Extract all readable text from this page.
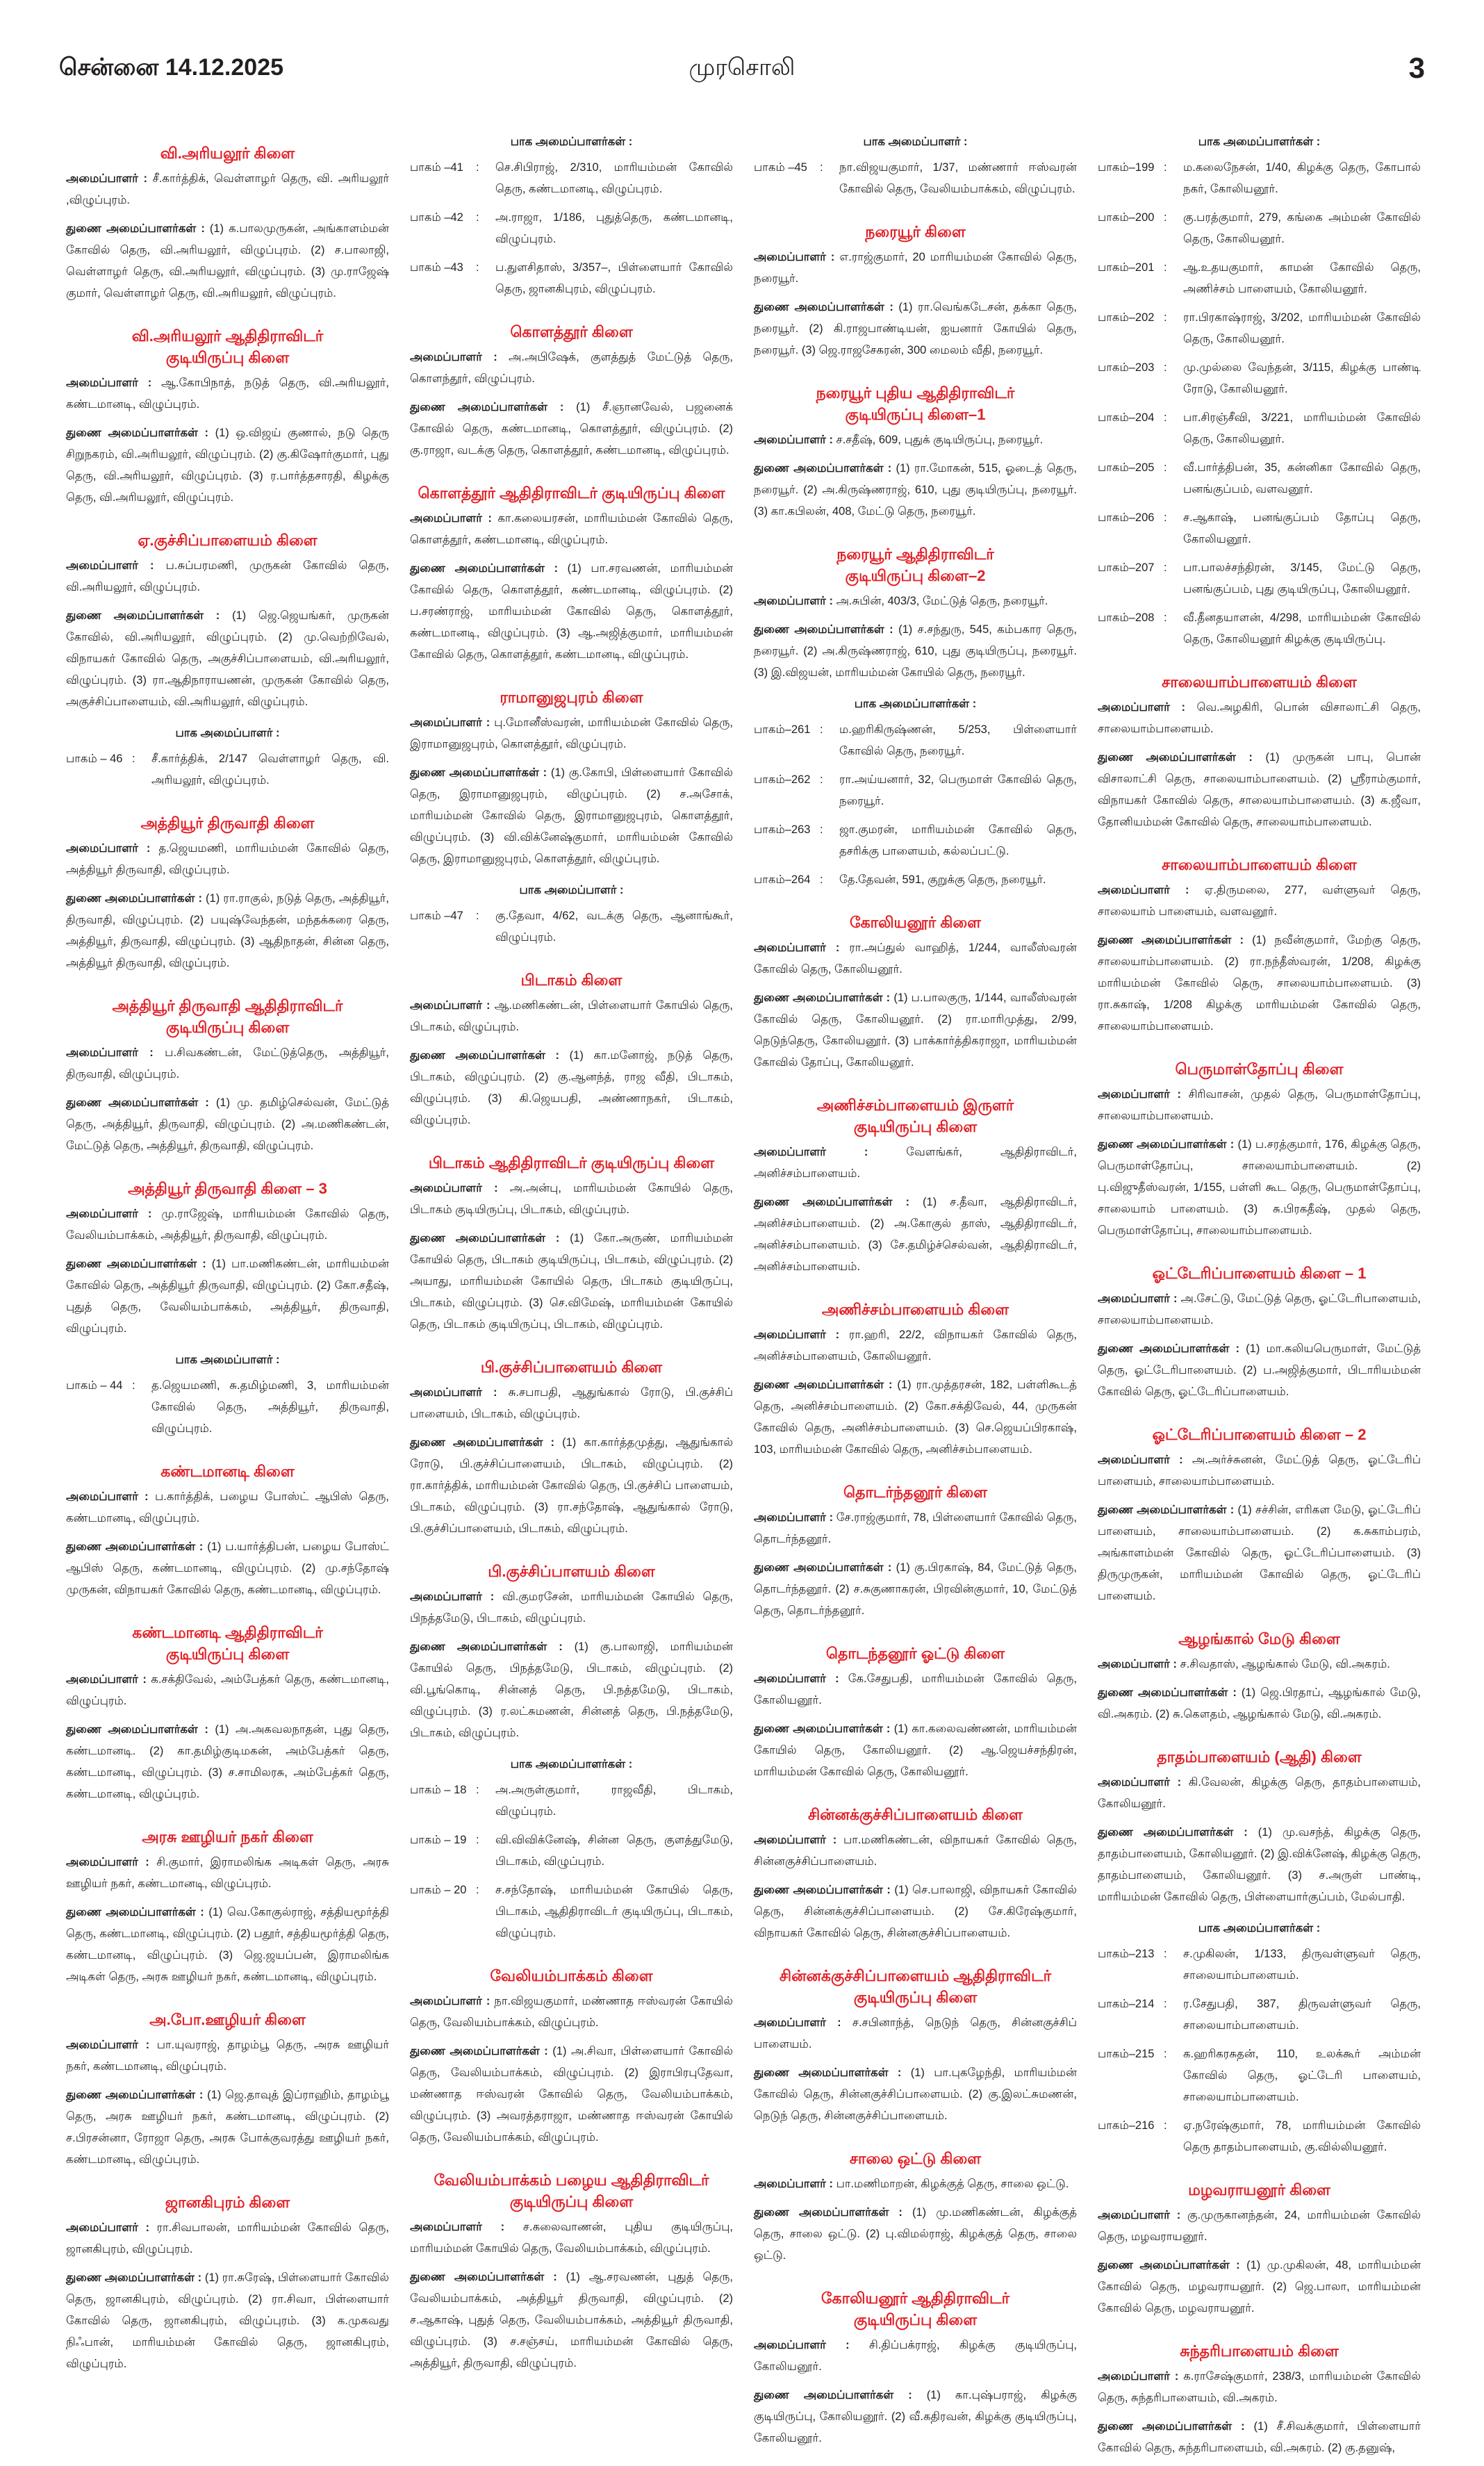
சென்னை 14.12.2025	முரசொலி	3
வி.அரியலூர் கிளை

அமைப்பாளர் : சீ.கார்த்திக், வெள்ளாழர் தெரு, வி. அரியலூர் ,விழுப்புரம்.

துணை அமைப்பாளர்கள் : (1) க.பாலமுருகன், அங்காளம்மன் கோவில் தெரு, வி.அரியலூர், விழுப்புரம். (2) ச.பாலாஜி, வெள்ளாழர் தெரு, வி.அரியலூர், விழுப்புரம். (3) மு.ராஜேஷ் குமார், வெள்ளாழர் தெரு, வி.அரியலூர், விழுப்புரம்.

வி.அரியலூர் ஆதிதிராவிடர்
குடியிருப்பு கிளை

அமைப்பாளர் : ஆ.கோபிநாத், நடுத் தெரு, வி.அரியலூர், கண்டமானடி, விழுப்புரம்.

துணை அமைப்பாளர்கள் : (1) ஒ.விஜய் குணால், நடு தெரு சிறுநகரம், வி.அரியலூர், விழுப்புரம். (2) கு.கிஷோர்குமார், புது தெரு, வி.அரியலூர், விழுப்புரம். (3) ர.பார்த்தசாரதி, கிழக்கு தெரு, வி.அரியலூர், விழுப்புரம்.

ஏ.குச்சிப்பாளையம் கிளை

அமைப்பாளர் : ப.சுப்பரமணி, முருகன் கோவில் தெரு, வி.அரியலூர், விழுப்புரம்.

துணை அமைப்பாளர்கள் : (1) ஜெ.ஜெயங்கர், முருகன் கோவில், வி.அரியலூர், விழுப்புரம். (2) மு.வெற்றிவேல், விநாயகர் கோவில் தெரு, அகுச்சிப்பாளையம், வி.அரியலூர், விழுப்புரம். (3) ரா.ஆதிநாராயணன், முருகன் கோவில் தெரு, அகுச்சிப்பாளையம், வி.அரியலூர், விழுப்புரம்.

பாக அமைப்பாளர் :
பாகம் – 46 :	சீ.கார்த்திக், 2/147 வெள்ளாழர் தெரு, வி. அரியலூர், விழுப்புரம்.
அத்தியூர் திருவாதி கிளை

அமைப்பாளர் : த.ஜெயமணி, மாரியம்மன் கோவில் தெரு, அத்தியூர் திருவாதி, விழுப்புரம்.

துணை அமைப்பாளர்கள் : (1) ரா.ராகுல், நடுத் தெரு, அத்தியூர், திருவாதி, விழுப்புரம். (2) பயுஷ்வேந்தன், மந்தக்கரை தெரு, அத்தியூர், திருவாதி, விழுப்புரம். (3) ஆதிநாதன், சின்ன தெரு, அத்தியூர் திருவாதி, விழுப்புரம்.

அத்தியூர் திருவாதி ஆதிதிராவிடர்
குடியிருப்பு கிளை

அமைப்பாளர் : ப.சிவகண்டன், மேட்டுத்தெரு, அத்தியூர், திருவாதி, விழுப்புரம்.

துணை அமைப்பாளர்கள் : (1) மு. தமிழ்செல்வன், மேட்டுத் தெரு, அத்தியூர், திருவாதி, விழுப்புரம். (2) அ.மணிகண்டன், மேட்டுத் தெரு, அத்தியூர், திருவாதி, விழுப்புரம்.

அத்தியூர் திருவாதி கிளை – 3

அமைப்பாளர் : மு.ராஜேஷ், மாரியம்மன் கோவில் தெரு, வேலியம்பாக்கம், அத்தியூர், திருவாதி, விழுப்புரம்.

துணை அமைப்பாளர்கள் : (1) பா.மணிகண்டன், மாரியம்மன் கோவில் தெரு, அத்தியூர் திருவாதி, விழுப்புரம். (2) கோ.சதீஷ், புதுத் தெரு, வேலியம்பாக்கம், அத்தியூர், திருவாதி, விழுப்புரம்.

பாக அமைப்பாளர் :
பாகம் – 44 :	த.ஜெயமணி, சு.தமிழ்மணி, 3, மாரியம்மன் கோவில் தெரு, அத்தியூர், திருவாதி, விழுப்புரம்.
கண்டமானடி கிளை

அமைப்பாளர் : ப.கார்த்திக், பழைய போஸ்ட் ஆபிஸ் தெரு, கண்டமானடி, விழுப்புரம்.

துணை அமைப்பாளர்கள் : (1) ப.யார்த்திபன், பழைய போஸ்ட் ஆபிஸ் தெரு, கண்டமானடி, விழுப்புரம். (2) மு.சந்தோஷ் முருகன், விநாயகர் கோவில் தெரு, கண்டமானடி, விழுப்புரம்.

கண்டமானடி ஆதிதிராவிடர்
குடியிருப்பு கிளை

அமைப்பாளர் : க.சக்திவேல், அம்பேத்கர் தெரு, கண்டமானடி, விழுப்புரம்.

துணை அமைப்பாளர்கள் : (1) அ.அகவலநாதன், புது தெரு, கண்டமானடி. (2) கா.தமிழ்குடிமகன், அம்பேத்கர் தெரு, கண்டமானடி, விழுப்புரம். (3) ச.சாமிலரசு, அம்பேத்கர் தெரு, கண்டமானடி, விழுப்புரம்.

அரசு ஊழியர் நகர் கிளை

அமைப்பாளர் : சி.குமார், இராமலிங்க அடிகள் தெரு, அரசு ஊழியர் நகர், கண்டமானடி, விழுப்புரம்.

துணை அமைப்பாளர்கள் : (1) வெ.கோகுல்ராஜ், சத்தியமூர்த்தி தெரு, கண்டமானடி, விழுப்புரம். (2) பதூர், சத்தியமூர்த்தி தெரு, கண்டமானடி, விழுப்புரம். (3) ஜெ.ஜயப்பன், இராமலிங்க அடிகள் தெரு, அரசு ஊழியர் நகர், கண்டமானடி, விழுப்புரம்.

அ.போ.ஊழியர் கிளை

அமைப்பாளர் : பா.யுவராஜ், தாழம்பூ தெரு, அரசு ஊழியர் நகர், கண்டமானடி, விழுப்புரம்.

துணை அமைப்பாளர்கள் : (1) ஜெ.தாவுத் இப்ராஹிம், தாழம்பூ தெரு, அரசு ஊழியர் நகர், கண்டமானடி, விழுப்புரம். (2) ச.பிரசன்னா, ரோஜா தெரு, அரசு போக்குவரத்து ஊழியர் நகர், கண்டமானடி, விழுப்புரம்.

ஜானகிபுரம் கிளை

அமைப்பாளர் : ரா.சிவபாலன், மாரியம்மன் கோவில் தெரு, ஜானகிபுரம், விழுப்புரம்.

துணை அமைப்பாளர்கள் : (1) ரா.சுரேஷ், பிள்ளையார் கோவில் தெரு, ஜானகிபுரம், விழுப்புரம். (2) ரா.சிவா, பிள்ளையார் கோவில் தெரு, ஜானகிபுரம், விழுப்புரம். (3) க.முகவது நிஃபான், மாரியம்மன் கோவில் தெரு, ஜானகிபுரம், விழுப்புரம்.

பாக அமைப்பாளர்கள் :
பாகம் –41	:	செ.சிபிராஜ், 2/310, மாரியம்மன் கோவில் தெரு, கண்டமானடி, விழுப்புரம்.
பாகம் –42	:	அ.ராஜா, 1/186, புதுத்தெரு, கண்டமானடி, விழுப்புரம்.
பாகம் –43	:	ப.துளசிதாஸ், 3/357–, பிள்ளையார் கோவில் தெரு, ஜானகிபுரம், விழுப்புரம்.
கொளத்தூர் கிளை

அமைப்பாளர் : அ.அபிஷேக், குளத்துத் மேட்டுத் தெரு, கொளந்தூர், விழுப்புரம்.

துணை அமைப்பாளர்கள் : (1) சீ.ஞானவேல், பஜனைக் கோவில் தெரு, கண்டமானடி, கொளத்தூர், விழுப்புரம். (2) கு.ராஜா, வடக்கு தெரு, கொளத்தூர், கண்டமானடி, விழுப்புரம்.

கொளத்தூர் ஆதிதிராவிடர் குடியிருப்பு கிளை

அமைப்பாளர் : கா.கலையரசன், மாரியம்மன் கோவில் தெரு, கொளத்தூர், கண்டமானடி, விழுப்புரம்.

துணை அமைப்பாளர்கள் : (1) பா.சரவணன், மாரியம்மன் கோவில் தெரு, கொளத்தூர், கண்டமானடி, விழுப்புரம். (2) ப.சரண்ராஜ், மாரியம்மன் கோவில் தெரு, கொளத்தூர், கண்டமானடி, விழுப்புரம். (3) ஆ.அஜித்குமார், மாரியம்மன் கோவில் தெரு, கொளத்தூர், கண்டமானடி, விழுப்புரம்.

ராமானுஜபுரம் கிளை

அமைப்பாளர் : பு.மோனீஸ்வரன், மாரியம்மன் கோவில் தெரு, இராமானுஜபுரம், கொளத்தூர், விழுப்புரம்.

துணை அமைப்பாளர்கள் : (1) கு.கோபி, பிள்ளையார் கோவில் தெரு, இராமானுஜபுரம், விழுப்புரம். (2) ச.அசோக், மாரியம்மன் கோவில் தெரு, இராமானுஜபுரம், கொளத்தூர், விழுப்புரம். (3) வி.விக்னேஷ்குமார், மாரியம்மன் கோவில் தெரு, இராமானுஜபுரம், கொளத்தூர், விழுப்புரம்.

பாக அமைப்பாளர் :
பாகம் –47	:	கு.தேவா, 4/62, வடக்கு தெரு, ஆனாங்கூர், விழுப்புரம்.
பிடாகம் கிளை

அமைப்பாளர் : ஆ.மணிகண்டன், பிள்ளையார் கோயில் தெரு, பிடாகம், விழுப்புரம்.

துணை அமைப்பாளர்கள் : (1) கா.மனோஜ், நடுத் தெரு, பிடாகம், விழுப்புரம். (2) கு.ஆனந்த், ராஜ வீதி, பிடாகம், விழுப்புரம். (3) கி.ஜெயபதி, அண்ணாநகர், பிடாகம், விழுப்புரம்.

பிடாகம் ஆதிதிராவிடர் குடியிருப்பு கிளை

அமைப்பாளர் : அ.அன்பு, மாரியம்மன் கோயில் தெரு, பிடாகம் குடியிருப்பு, பிடாகம், விழுப்புரம்.

துணை அமைப்பாளர்கள் : (1) கோ.அருண், மாரியம்மன் கோயில் தெரு, பிடாகம் குடியிருப்பு, பிடாகம், விழுப்புரம். (2) அயாது, மாரியம்மன் கோயில் தெரு, பிடாகம் குடியிருப்பு, பிடாகம், விழுப்புரம். (3) செ.விமேஷ், மாரியம்மன் கோயில் தெரு, பிடாகம் குடியிருப்பு, பிடாகம், விழுப்புரம்.

பி.குச்சிப்பாளையம் கிளை

அமைப்பாளர் : சு.சபாபதி, ஆதுங்கால் ரோடு, பி.குச்சிப் பாளையம், பிடாகம், விழுப்புரம்.

துணை அமைப்பாளர்கள் : (1) கா.கார்த்தமுத்து, ஆதுங்கால் ரோடு, பி.குச்சிப்பாளையம், பிடாகம், விழுப்புரம். (2) ரா.கார்த்திக், மாரியம்மன் கோவில் தெரு, பி.குச்சிப் பாளையம், பிடாகம், விழுப்புரம். (3) ரா.சந்தோஷ், ஆதுங்கால் ரோடு, பி.குச்சிப்பாளையம், பிடாகம், விழுப்புரம்.

பி.குச்சிப்பாளயம் கிளை

அமைப்பாளர் : வி.குமரசேன், மாரியம்மன் கோயில் தெரு, பிநத்தமேடு, பிடாகம், விழுப்புரம்.

துணை அமைப்பாளர்கள் : (1) கு.பாலாஜி, மாரியம்மன் கோயில் தெரு, பிநத்தமேடு, பிடாகம், விழுப்புரம். (2) வி.பூங்கொடி, சின்னத் தெரு, பி.நத்தமேடு, பிடாகம், விழுப்புரம். (3) ர.லட்சுமணன், சின்னத் தெரு, பி.நத்தமேடு, பிடாகம், விழுப்புரம்.

பாக அமைப்பாளர்கள் :
பாகம் – 18 :	அ.அருள்குமார், ராஜவீதி, பிடாகம், விழுப்புரம்.
பாகம் – 19 :	வி.விவிக்னேஷ், சின்ன தெரு, குளத்துமேடு, பிடாகம், விழுப்புரம்.
பாகம் – 20 :	ச.சந்தோஷ், மாரியம்மன் கோயில் தெரு, பிடாகம், ஆதிதிராவிடர் குடியிருப்பு, பிடாகம், விழுப்புரம்.
வேலியம்பாக்கம் கிளை

அமைப்பாளர் : நா.விஜயகுமார், மண்ணாத ஈஸ்வரன் கோயில் தெரு, வேலியம்பாக்கம், விழுப்புரம்.

துணை அமைப்பாளர்கள் : (1) அ.சிவா, பிள்ளையார் கோவில் தெரு, வேலியம்பாக்கம், விழுப்புரம். (2) இராபிரபுதேவா, மண்ணாத ஈஸ்வரன் கோவில் தெரு, வேலியம்பாக்கம், விழுப்புரம். (3) அவரத்தராஜா, மண்ணாத ஈஸ்வரன் கோயில் தெரு, வேலியம்பாக்கம், விழுப்புரம்.

வேலியம்பாக்கம் பழைய ஆதிதிராவிடர்
குடியிருப்பு கிளை

அமைப்பாளர் : ச.கலைவாணன், புதிய குடியிருப்பு, மாரியம்மன் கோயில் தெரு, வேலியம்பாக்கம், விழுப்புரம்.

துணை அமைப்பாளர்கள் : (1) ஆ.சரவணன், புதுத் தெரு, வேலியம்பாக்கம், அத்தியூர் திருவாதி, விழுப்புரம். (2) ச.ஆகாஷ், புதுத் தெரு, வேலியம்பாக்கம், அத்தியூர் திருவாதி, விழுப்புரம். (3) ச.சஞ்சய், மாரியம்மன் கோவில் தெரு, அத்தியூர், திருவாதி, விழுப்புரம்.

பாக அமைப்பாளர் :
பாகம் –45	:	நா.விஜயகுமார், 1/37, மண்ணார் ஈஸ்வரன் கோவில் தெரு, வேலியம்பாக்கம், விழுப்புரம்.
நரையூர் கிளை

அமைப்பாளர் : எ.ராஜ்குமார், 20 மாரியம்மன் கோவில் தெரு, நரையூர்.

துணை அமைப்பாளர்கள் : (1) ரா.வெங்கடேசன், தக்கா தெரு, நரையூர். (2) கி.ராஜபாண்டியன், ஐயனார் கோயில் தெரு, நரையூர். (3) ஜெ.ராஜசேகரன், 300 மைலம் வீதி, நரையூர்.

நரையூர் புதிய ஆதிதிராவிடர்
குடியிருப்பு கிளை–1

அமைப்பாளர் : ச.சதீஷ், 609, புதுக் குடியிருப்பு, நரையூர்.

துணை அமைப்பாளர்கள் : (1) ரா.மோகன், 515, ஓடைத் தெரு, நரையூர். (2) அ.கிருஷ்ணராஜ், 610, புது குடியிருப்பு, நரையூர். (3) கா.கபிலன், 408, மேட்டு தெரு, நரையூர்.

நரையூர் ஆதிதிராவிடர்
குடியிருப்பு கிளை–2

அமைப்பாளர் : அ.சுபின், 403/3, மேட்டுத் தெரு, நரையூர்.

துணை அமைப்பாளர்கள் : (1) ச.சந்துரு, 545, கம்பகார தெரு, நரையூர். (2) அ.கிருஷ்ணராஜ், 610, புது குடியிருப்பு, நரையூர். (3) இ.விஜயன், மாரியம்மன் கோயில் தெரு, நரையூர்.

பாக அமைப்பாளர்கள் :
பாகம்–261 :	ம.ஹரிகிருஷ்ணன், 5/253, பிள்ளையார் கோவில் தெரு, நரையூர்.
பாகம்–262 :	ரா.அய்யனார், 32, பெருமாள் கோவில் தெரு, நரையூர்.
பாகம்–263 :	ஜா.குமரன், மாரியம்மன் கோவில் தெரு, தசரிக்கு பாளையம், கல்லப்பட்டு.
பாகம்–264 :	தே.தேவன், 591, குறுக்கு தெரு, நரையூர்.
கோலியனூர் கிளை

அமைப்பாளர் : ரா.அப்துல் வாஹித், 1/244, வாலீஸ்வரன் கோவில் தெரு, கோலியனூர்.

துணை அமைப்பாளர்கள் : (1) ப.பாலகுரு, 1/144, வாலீஸ்வரன் கோவில் தெரு, கோலியனூர். (2) ரா.மாரிமுத்து, 2/99, நெடுந்தெரு, கோலியனூர். (3) பாக்கார்த்திகராஜா, மாரியம்மன் கோவில் தோப்பு, கோலியனூர்.

அணிச்சம்பாளையம் இருளர்
குடியிருப்பு கிளை

அமைப்பாளர் : வேளங்கர், ஆதிதிராவிடர், அனிச்சம்பாளையம்.

துணை அமைப்பாளர்கள் : (1) ச.தீவா, ஆதிதிராவிடர், அனிச்சம்பாளையம். (2) அ.கோகுல் தாஸ், ஆதிதிராவிடர், அனிச்சம்பாளையம். (3) சே.தமிழ்ச்செல்வன், ஆதிதிராவிடர், அனிச்சம்பாளையம்.

அணிச்சம்பாளையம் கிளை

அமைப்பாளர் : ரா.ஹரி, 22/2, விநாயகர் கோவில் தெரு, அனிச்சம்பாளையம், கோலியனூர்.

துணை அமைப்பாளர்கள் : (1) ரா.முத்தரசன், 182, பள்ளிகூடத் தெரு, அனிச்சம்பாளையம். (2) கோ.சக்திவேல், 44, முருகன் கோவில் தெரு, அனிச்சம்பாளையம். (3) செ.ஜெயப்பிரகாஷ், 103, மாரியம்மன் கோவில் தெரு, அனிச்சம்பாளையம்.

தொடர்ந்தனூர் கிளை

அமைப்பாளர் : சே.ராஜ்குமார், 78, பிள்ளையார் கோவில் தெரு, தொடர்ந்தனூர்.

துணை அமைப்பாளர்கள் : (1) கு.பிரகாஷ், 84, மேட்டுத் தெரு, தொடர்ந்தனூர். (2) ச.சுகுணாகரன், பிரவின்குமார், 10, மேட்டுத் தெரு, தொடர்ந்தனூர்.

தொடந்தனூர் ஓட்டு கிளை

அமைப்பாளர் : கே.சேதுபதி, மாரியம்மன் கோவில் தெரு, கோலியனூர்.

துணை அமைப்பாளர்கள் : (1) கா.கலைவண்ணன், மாரியம்மன் கோயில் தெரு, கோலியனூர். (2) ஆ.ஜெயச்சந்திரன், மாரியம்மன் கோவில் தெரு, கோலியனூர்.

சின்னக்குச்சிப்பாளையம் கிளை

அமைப்பாளர் : பா.மணிகண்டன், விநாயகர் கோவில் தெரு, சின்னகுச்சிப்பாளையம்.

துணை அமைப்பாளர்கள் : (1) செ.பாலாஜி, விநாயகர் கோவில் தெரு, சின்னக்குச்சிப்பாளையம். (2) சே.கிரேஷ்குமார், விநாயகர் கோவில் தெரு, சின்னகுச்சிப்பாளையம்.

சின்னக்குச்சிப்பாளையம் ஆதிதிராவிடர்
குடியிருப்பு கிளை

அமைப்பாளர் : ச.சபினாந்த், நெடுந் தெரு, சின்னகுச்சிப் பாளையம்.

துணை அமைப்பாளர்கள் : (1) பா.புகழேந்தி, மாரியம்மன் கோவில் தெரு, சின்னகுச்சிப்பாளையம். (2) கு.இலட்சுமணன், நெடுந் தெரு, சின்னகுச்சிப்பாளையம்.

சாலை ஒட்டு கிளை

அமைப்பாளர் : பா.மணிமாறன், கிழக்குத் தெரு, சாலை ஒட்டு.

துணை அமைப்பாளர்கள் : (1) மு.மணிகண்டன், கிழக்குத் தெரு, சாலை ஒட்டு. (2) பு.விமல்ராஜ், கிழக்குத் தெரு, சாலை ஒட்டு.

கோலியனூர் ஆதிதிராவிடர்
குடியிருப்பு கிளை

அமைப்பாளர் : சி.திப்பக்ராஜ், கிழக்கு குடியிருப்பு, கோலியனூர்.

துணை அமைப்பாளர்கள் : (1) கா.புஷ்பராஜ், கிழக்கு குடியிருப்பு, கோலியனூர். (2) வீ.கதிரவன், கிழக்கு குடியிருப்பு, கோலியனூர்.

பாக அமைப்பாளர்கள் :
பாகம்–199 :	ம.கலைநேசன், 1/40, கிழக்கு தெரு, கோபால் நகர், கோலியனூர்.
பாகம்–200 :	கு.பரத்குமார், 279, கங்கை அம்மன் கோவில் தெரு, கோலியனூர்.
பாகம்–201 :	ஆ.உதயகுமார், காமன் கோவில் தெரு, அணிச்சம் பாளையம், கோலியனூர்.
பாகம்–202 :	ரா.பிரகாஷ்ராஜ், 3/202, மாரியம்மன் கோவில் தெரு, கோலியனூர்.
பாகம்–203 :	மு.முல்லை வேந்தன், 3/115, கிழக்கு பாண்டி ரோடு, கோலியனூர்.
பாகம்–204 :	பா.சிரஞ்சீவி, 3/221, மாரியம்மன் கோவில் தெரு, கோலியனூர்.
பாகம்–205 :	வீ.பார்த்திபன், 35, கன்னிகா கோவில் தெரு, பனங்குப்பம், வளவனூர்.
பாகம்–206 :	ச.ஆகாஷ், பனங்குப்பம் தோப்பு தெரு, கோலியனூர்.
பாகம்–207 :	பா.பாலச்சந்திரன், 3/145, மேட்டு தெரு, பனங்குப்பம், புது குடியிருப்பு, கோலியனூர்.
பாகம்–208 :	வீ.தீனதயாளன், 4/298, மாரியம்மன் கோவில் தெரு, கோலியனூர் கிழக்கு குடியிருப்பு.
சாலையாம்பாளையம் கிளை

அமைப்பாளர் : வெ.அழகிரி, பொன் விசாலாட்சி தெரு, சாலையாம்பாளையம்.

துணை அமைப்பாளர்கள் : (1) முருகன் பாபு, பொன் விசாலாட்சி தெரு, சாலையாம்பாளையம். (2) ஸ்ரீராம்குமார், விநாயகர் கோவில் தெரு, சாலையாம்பாளையம். (3) க.ஜீவா, தோனியம்மன் கோவில் தெரு, சாலையாம்பாளையம்.

சாலையாம்பாளையம் கிளை

அமைப்பாளர் : ஏ.திருமலை, 277, வள்ளுவர் தெரு, சாலையாம் பாளையம், வளவனூர்.

துணை அமைப்பாளர்கள் : (1) நவீன்குமார், மேற்கு தெரு, சாலையாம்பாளையம். (2) ரா.நந்தீஸ்வரன், 1/208, கிழக்கு மாரியம்மன் கோவில் தெரு, சாலையாம்பாளையம். (3) ரா.சுகாஷ், 1/208 கிழக்கு மாரியம்மன் கோவில் தெரு, சாலையாம்பாளையம்.

பெருமாள்தோப்பு கிளை

அமைப்பாளர் : சிரிவாசன், முதல் தெரு, பெருமாள்தோப்பு, சாலையாம்பாளையம்.

துணை அமைப்பாளர்கள் : (1) ப.சரத்குமார், 176, கிழக்கு தெரு, பெருமாள்தோப்பு, சாலையாம்பாளையம். (2) பு.விஜுதீஸ்வரன், 1/155, பள்ளி கூட தெரு, பெருமாள்தோப்பு, சாலையாம் பாளையம். (3) சு.பிரகதீஷ், முதல் தெரு, பெருமாள்தோப்பு, சாலையாம்பாளையம்.

ஓட்டேரிப்பாளையம் கிளை – 1

அமைப்பாளர் : அ.சேட்டு, மேட்டுத் தெரு, ஓட்டேரிபாளையம், சாலையாம்பாளையம்.

துணை அமைப்பாளர்கள் : (1) மா.கலியபெருமாள், மேட்டுத் தெரு, ஓட்டேரிபாளையம். (2) ப.அஜித்குமார், பிடாரியம்மன் கோவில் தெரு, ஓட்டேரிப்பாளையம்.

ஓட்டேரிப்பாளையம் கிளை – 2

அமைப்பாளர் : அ.அர்ச்சுனன், மேட்டுத் தெரு, ஓட்டேரிப் பாளையம், சாலையாம்பாளையம்.

துணை அமைப்பாளர்கள் : (1) சச்சின், எரிகள மேடு, ஓட்டேரிப் பாளையம், சாலையாம்பாளையம். (2) க.சுகாம்பரம், அங்காளம்மன் கோவில் தெரு, ஓட்டேரிப்பாளையம். (3) திருமுருகன், மாரியம்மன் கோவில் தெரு, ஓட்டேரிப் பாளையம்.

ஆழங்கால் மேடு கிளை

அமைப்பாளர் : ச.சிவதாஸ், ஆழங்கால் மேடு, வி.அகரம்.

துணை அமைப்பாளர்கள் : (1) ஜெ.பிரதாப், ஆழங்கால் மேடு, வி.அகரம். (2) சு.கௌதம், ஆழங்கால் மேடு, வி.அகரம்.

தாதம்பாளையம் (ஆதி) கிளை

அமைப்பாளர் : கி.வேலன், கிழக்கு தெரு, தாதம்பாளையம், கோலியனூர்.

துணை அமைப்பாளர்கள் : (1) மு.வசந்த், கிழக்கு தெரு, தாதம்பாளையம், கோலியனூர். (2) இ.விக்னேஷ், கிழக்கு தெரு, தாதம்பாளையம், கோலியனூர். (3) ச.அருள் பாண்டி, மாரியம்மன் கோவில் தெரு, பிள்ளையார்குப்பம், மேல்பாதி.

பாக அமைப்பாளர்கள் :
பாகம்–213 :	ச.முகிலன், 1/133, திருவள்ளுவர் தெரு, சாலையாம்பாளையம்.
பாகம்–214 :	ர.சேதுபதி, 387, திருவள்ளுவர் தெரு, சாலையாம்பாளையம்.
பாகம்–215 :	க.ஹரிகரசுதன், 110, உலக்கூர் அம்மன் கோவில் தெரு, ஓட்டேரி பாளையம், சாலையாம்பாளையம்.
பாகம்–216 :	ஏ.நரேஷ்குமார், 78, மாரியம்மன் கோவில் தெரு தாதம்பாளையம், கு.வில்லியனூர்.
மழவராயனூர் கிளை

அமைப்பாளர் : கு.முருகானந்தன், 24, மாரியம்மன் கோவில் தெரு, மழவராயனூர்.

துணை அமைப்பாளர்கள் : (1) மு.முகிலன், 48, மாரியம்மன் கோவில் தெரு, மழவராயனூர். (2) ஜெ.பாலா, மாரியம்மன் கோவில் தெரு, மழவராயனூர்.

சுந்தரிபாளையம் கிளை

அமைப்பாளர் : க.ராசேஷ்குமார், 238/3, மாரியம்மன் கோவில் தெரு, சுந்தரிபாளையம், வி.அகரம்.

துணை அமைப்பாளர்கள் : (1) சீ.சிவக்குமார், பிள்ளையார் கோவில் தெரு, சுந்தரிபாளையம், வி.அகரம். (2) கு.தனுஷ்,
